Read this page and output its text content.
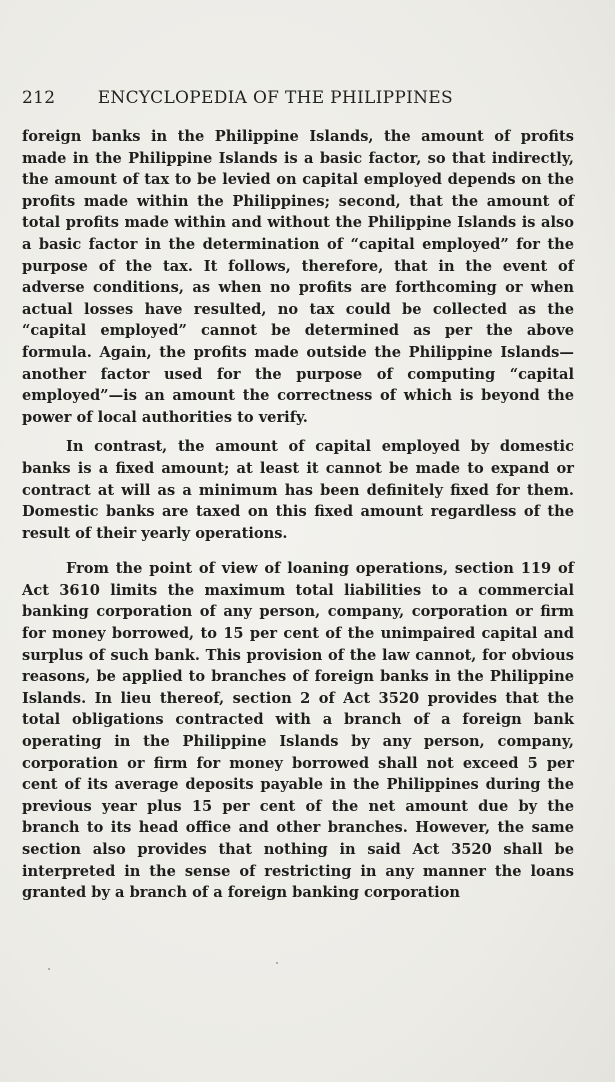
212 ENCYCLOPEDIA OF THE PHILIPPINES

foreign banks in the Philippine Islands, the amount of profits made in the Philippine Islands is a basic factor, so that indirectly, the amount of tax to be levied on capital employed depends on the profits made within the Philippines; second, that the amount of total profits made within and without the Philippine Islands is also a basic factor in the determination of “capital employed” for the purpose of the tax. It follows, therefore, that in the event of adverse conditions, as when no profits are forthcoming or when actual losses have resulted, no tax could be collected as the “capital employed” cannot be determined as per the above formula. Again, the profits made outside the Philippine Islands—another factor used for the purpose of computing “capital employed”—is an amount the correctness of which is beyond the power of local authorities to verify.

In contrast, the amount of capital employed by domestic banks is a fixed amount; at least it cannot be made to expand or contract at will as a minimum has been definitely fixed for them. Domestic banks are taxed on this fixed amount regardless of the result of their yearly operations.

From the point of view of loaning operations, section 119 of Act 3610 limits the maximum total liabilities to a commercial banking corporation of any person, company, corporation or firm for money borrowed, to 15 per cent of the unimpaired capital and surplus of such bank. This provision of the law cannot, for obvious reasons, be applied to branches of foreign banks in the Philippine Islands. In lieu thereof, section 2 of Act 3520 provides that the total obligations contracted with a branch of a foreign bank operating in the Philippine Islands by any person, company, corporation or firm for money borrowed shall not exceed 5 per cent of its average deposits payable in the Philippines during the previous year plus 15 per cent of the net amount due by the branch to its head office and other branches. However, the same section also provides that nothing in said Act 3520 shall be interpreted in the sense of restricting in any manner the loans granted by a branch of a foreign banking corporation
